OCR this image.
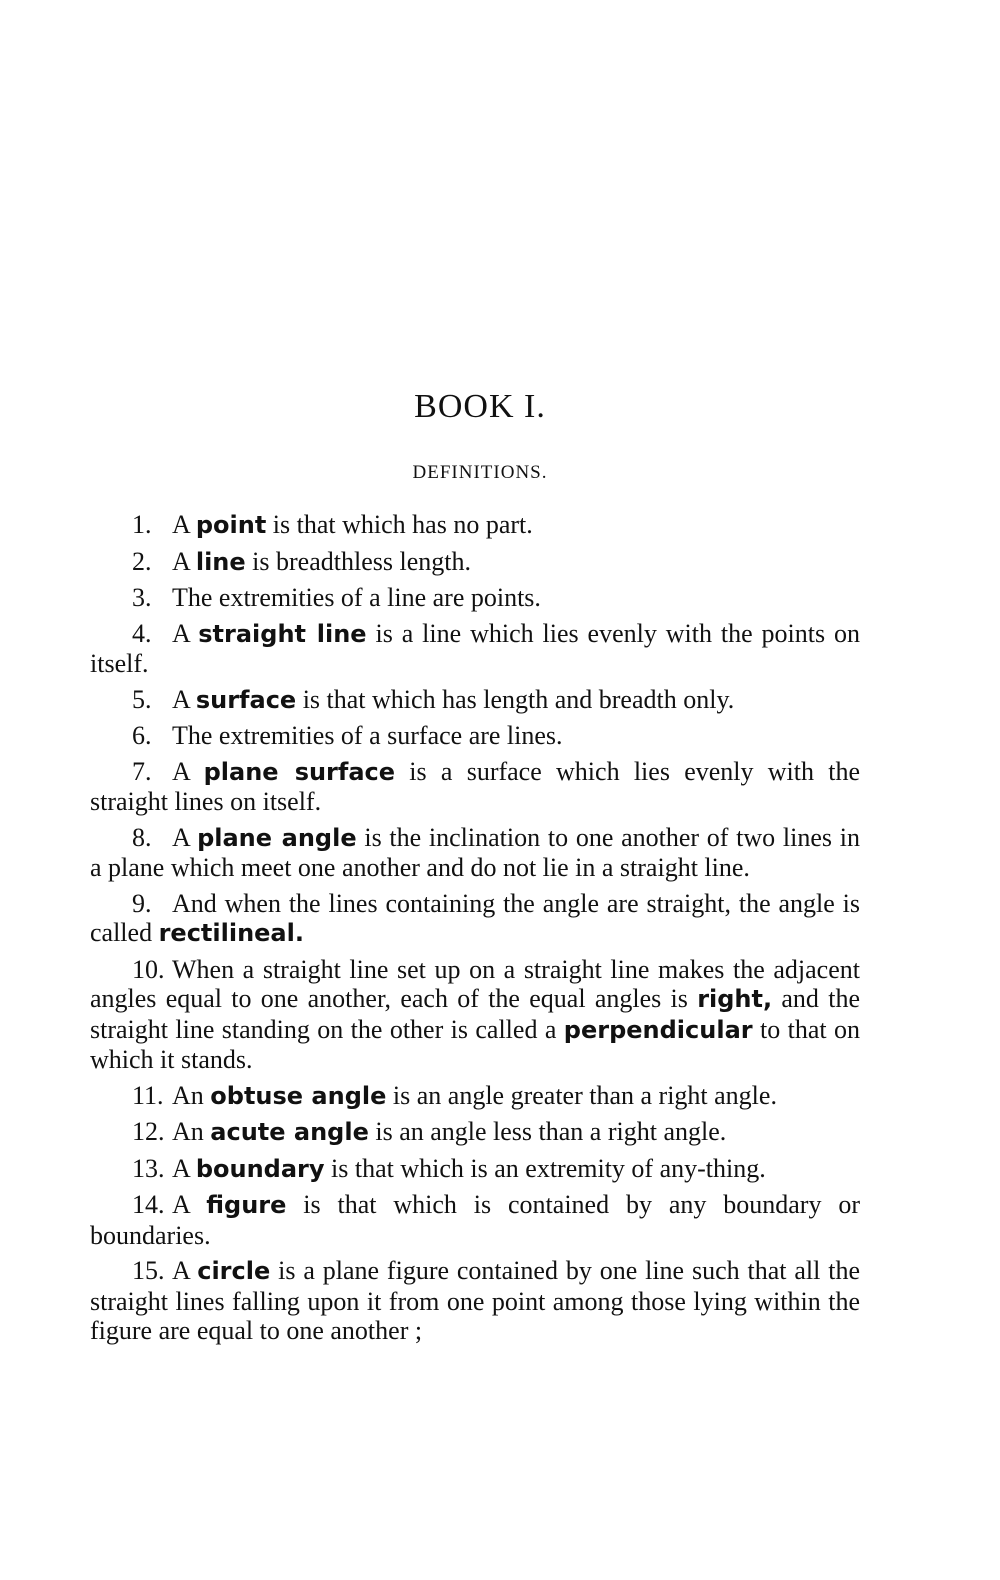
BOOK I.
DEFINITIONS.

1. A point is that which has no part.

2. A line is breadthless length.

3. The extremities of a line are points.

4. A straight line is a line which lies evenly with the points on itself.

5. A surface is that which has length and breadth only.

6. The extremities of a surface are lines.

7. A plane surface is a surface which lies evenly with the straight lines on itself.

8. A plane angle is the inclination to one another of two lines in a plane which meet one another and do not lie in a straight line.

9. And when the lines containing the angle are straight, the angle is called rectilineal.

10. When a straight line set up on a straight line makes the adjacent angles equal to one another, each of the equal angles is right, and the straight line standing on the other is called a perpendicular to that on which it stands.

11. An obtuse angle is an angle greater than a right angle.

12. An acute angle is an angle less than a right angle.

13. A boundary is that which is an extremity of any-thing.

14. A figure is that which is contained by any boundary or boundaries.

15. A circle is a plane figure contained by one line such that all the straight lines falling upon it from one point among those lying within the figure are equal to one another ;
